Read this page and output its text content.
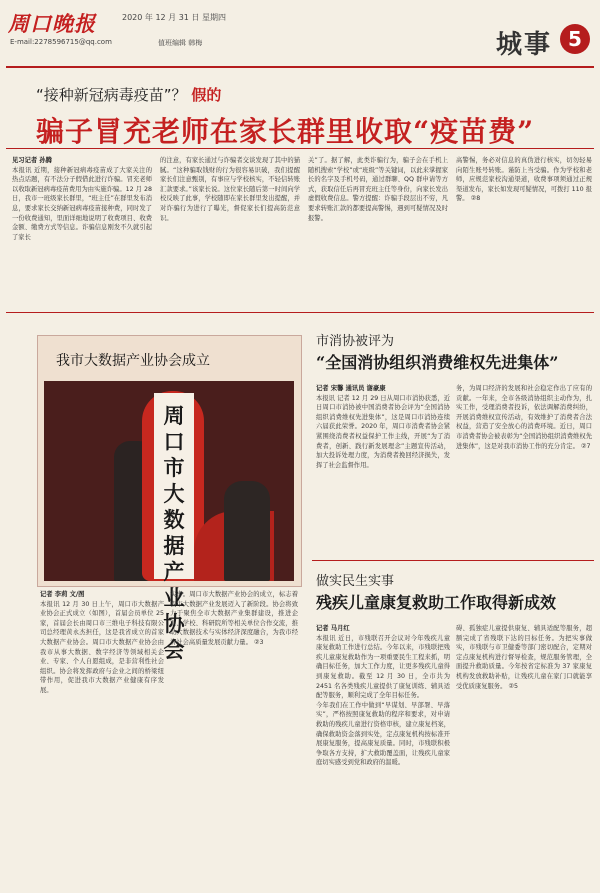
周口晚报	2020 年 12 月 31 日 星期四
E-mail:2278596715@qq.com	值班编辑 韩梅	城事 5
“接种新冠病毒疫苗”？ 假的
骗子冒充老师在家长群里收取“疫苗费”
见习记者 孙腾
本报讯 近期，接种新冠病毒疫苗成了大家关注的热点话题，有不法分子假借此进行诈骗。冒充老师以收取新冠病毒疫苗费用为由实施诈骗。12 月 28 日，我市一班级家长群里，“班主任”在群里发布消息，要求家长交纳新冠病毒疫苗接种费，同时发了一份收费通知，里面详细地说明了收费项目、收费金额、缴费方式等信息。诈骗信息刚发不久就引起了家长
的注意，有家长通过与诈骗者交谈发现了其中的猫腻。“这种骗取钱财的行为很容易识破，我们提醒家长们注意甄别，有事应与学校核实，不轻信转账汇款要求。”该家长说。这位家长随后第一时间向学校反映了此事，学校随即在家长群里发出提醒，并对诈骗行为进行了曝光，督促家长们提高防范意识。
关”了。据了解，此类诈骗行为，骗子会在手机上随机搜索“学校”或“班级”等关键词，以此来掌握家长的名字及手机号码，通过群聊、QQ 群申请等方式，获取信任后再冒充班主任等身份，向家长发出虚假收费信息。警方提醒：诈骗手段层出不穷，凡要求转账汇款的都要提高警惕，遇到可疑情况及时报警。
高警惕，务必对信息的真伪进行核实，切勿轻易向陌生账号转账。谨防上当受骗。作为学校和老师，应规范家校沟通渠道，收费事项须通过正规渠道发布，家长如发现可疑情况，可拨打 110 报警。 ②8
我市大数据产业协会成立
周口市大数据产业协会
记者 李莉 文/图
本报讯 12 月 30 日上午，周口市大数据产业协会正式成立（如图），首届会员单位 25 家，首届会长由周口市三维电子科技有限公司总经理黄永杰担任，这是我省成立的首家大数据产业协会。周口市大数据产业协会由我市从事大数据、数字经济等领域相关企业、专家、个人自愿组成，是非营利性社会组织。协会将发挥政府与企业之间的桥梁纽带作用，促进我市大数据产业健康有序发展。
实事。周口市大数据产业协会的成立，标志着我市大数据产业发展迈入了新阶段。协会将致力于聚焦全市大数据产业集群建设，推进企业、学校、科研院所等相关单位合作交流，推动大数据技术与实体经济深度融合，为我市经济社会高质量发展贡献力量。 ②3
市消协被评为
“全国消协组织消费维权先进集体”
记者 宋馨 通讯员 谢豪康
本报讯 记者 12 月 29 日从周口市消协获悉，近日周口市消协被中国消费者协会评为“全国消协组织消费维权先进集体”，这是周口市消协连续六届获此荣誉。2020 年，周口市消费者协会紧紧围绕消费者权益保护工作主线，开展“为了消费者，创新、践行新发展理念”主题宣传活动，加大投诉处理力度，为消费者挽回经济损失，发挥了社会监督作用。
务，为周口经济的发展和社会稳定作出了应有的贡献。一年来，全市各级消协组织主动作为，扎实工作，受理消费者投诉，依法调解消费纠纷，开展消费维权宣传活动，有效维护了消费者合法权益，营造了安全放心的消费环境。近日，周口市消费者协会被表彰为“全国消协组织消费维权先进集体”，这是对我市消协工作的充分肯定。 ②7
做实民生实事
残疾儿童康复救助工作取得新成效
记者 马月红
本报讯 近日，市残联召开会议对今年残疾儿童康复救助工作进行总结。今年以来，市残联把残疾儿童康复救助作为一项重要民生工程来抓，明确目标任务，加大工作力度，让更多残疾儿童得到康复救助。截至 12 月 30 日，全市共为 2451 名各类残疾儿童提供了康复训练、辅具适配等服务，顺利完成了全年目标任务。
今年我们在工作中做到“早谋划、早部署、早落实”，严格按照康复救助的程序和要求，对申请救助的残疾儿童进行资格审核，建立康复档案，确保救助资金落到实处，定点康复机构按标准开展康复服务，提高康复质量。同时，市残联积极争取各方支持，扩大救助覆盖面，让残疾儿童家庭切实感受到党和政府的温暖。
碍、孤独症儿童提供康复、辅具适配等服务，超额完成了省残联下达的目标任务。为把实事做实，市残联与市卫健委等部门密切配合，定期对定点康复机构进行督导检查，规范服务管理，全面提升救助质量。今年按省定标准为 37 家康复机构发放救助补贴，让残疾儿童在家门口就能享受优质康复服务。 ②5
